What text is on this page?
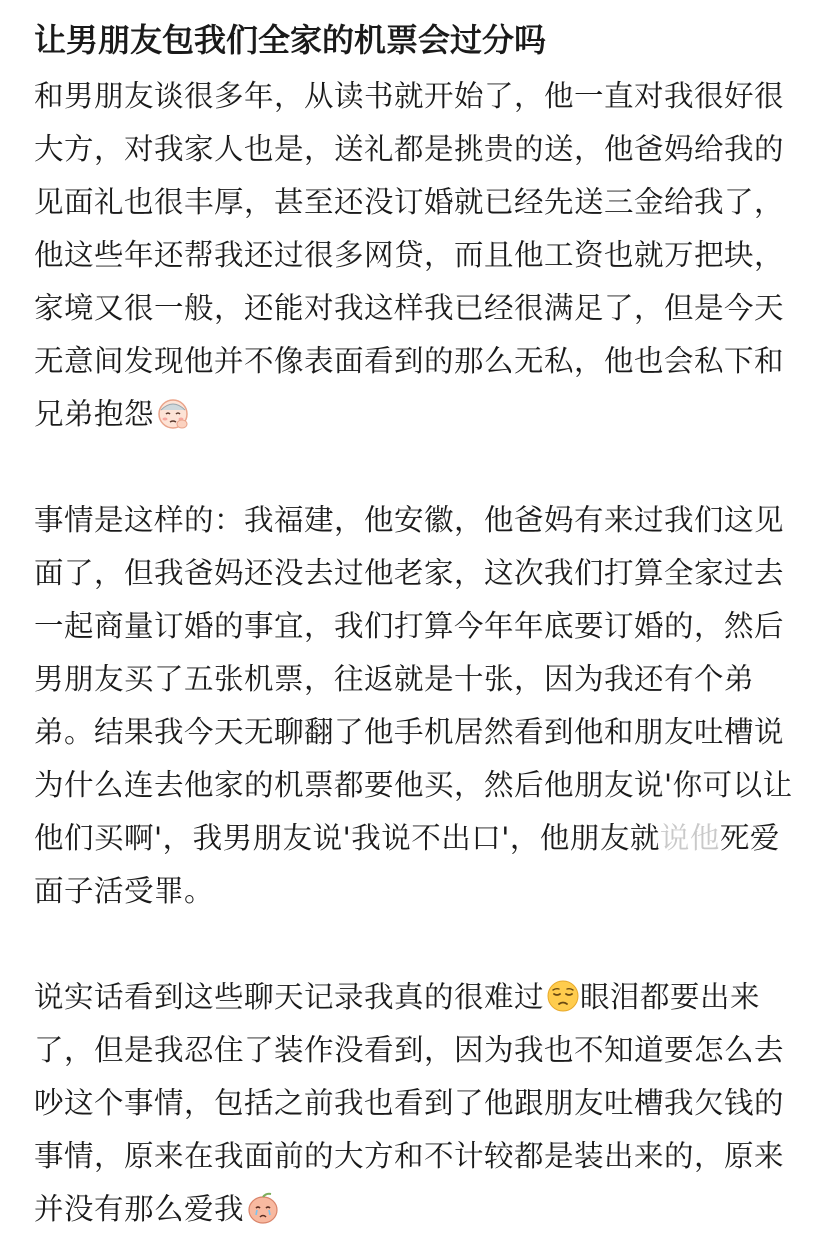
让男朋友包我们全家的机票会过分吗

和男朋友谈很多年，从读书就开始了，他一直对我很好很大方，对我家人也是，送礼都是挑贵的送，他爸妈给我的见面礼也很丰厚，甚至还没订婚就已经先送三金给我了，他这些年还帮我还过很多网贷，而且他工资也就万把块，家境又很一般，还能对我这样我已经很满足了，但是今天无意间发现他并不像表面看到的那么无私，他也会私下和兄弟抱怨

事情是这样的：我福建，他安徽，他爸妈有来过我们这见面了，但我爸妈还没去过他老家，这次我们打算全家过去一起商量订婚的事宜，我们打算今年年底要订婚的，然后男朋友买了五张机票，往返就是十张，因为我还有个弟弟。结果我今天无聊翻了他手机居然看到他和朋友吐槽说为什么连去他家的机票都要他买，然后他朋友说'你可以让他们买啊'，我男朋友说'我说不出口'，他朋友就说他死爱面子活受罪。

说实话看到这些聊天记录我真的很难过 眼泪都要出来了，但是我忍住了装作没看到，因为我也不知道要怎么去吵这个事情，包括之前我也看到了他跟朋友吐槽我欠钱的事情，原来在我面前的大方和不计较都是装出来的，原来并没有那么爱我
